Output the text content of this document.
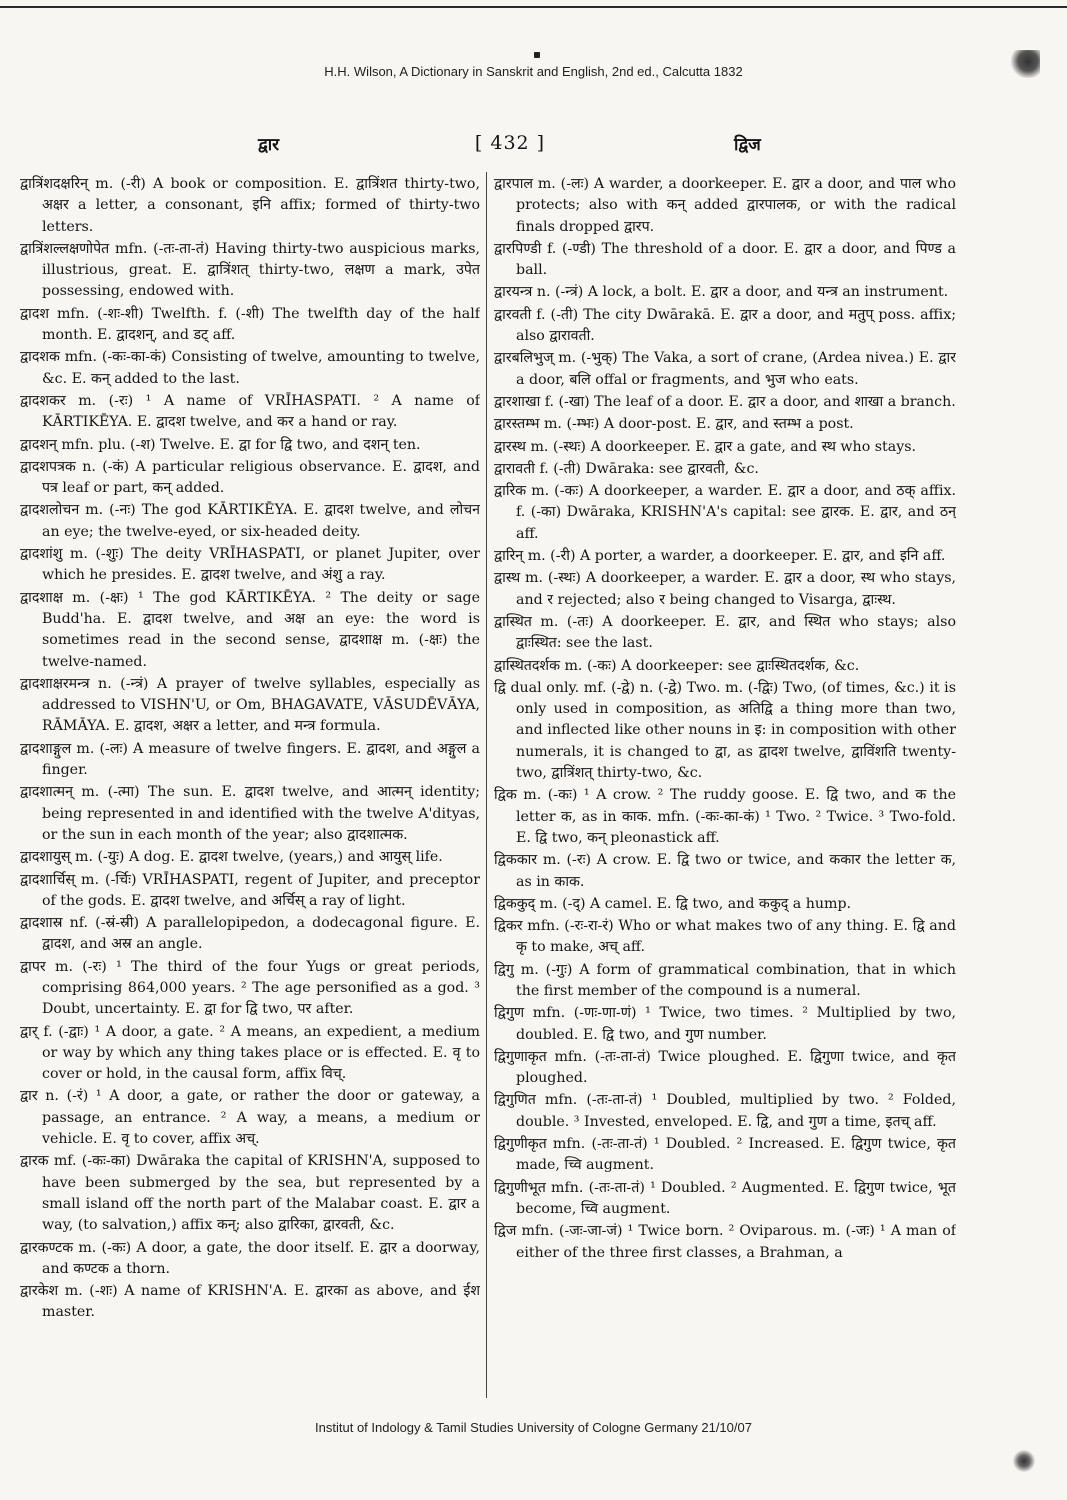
H.H. Wilson, A Dictionary in Sanskrit and English, 2nd ed., Calcutta 1832
द्वार	[ 432 ]	द्विज

द्वात्रिंशदक्षरिन् m. (-री) A book or composition. E. द्वात्रिंशत thirty-two, अक्षर a letter, a consonant, इनि affix; formed of thirty-two letters.

द्वात्रिंशल्लक्षणोपेत mfn. (-तः-ता-तं) Having thirty-two auspicious marks, illustrious, great. E. द्वात्रिंशत् thirty-two, लक्षण a mark, उपेत possessing, endowed with.

द्वादश mfn. (-शः-शी) Twelfth. f. (-शी) The twelfth day of the half month. E. द्वादशन्, and डट् aff.

द्वादशक mfn. (-कः-का-कं) Consisting of twelve, amounting to twelve, &c. E. कन् added to the last.

द्वादशकर m. (-रः) ¹ A name of VRĪHASPATI. ² A name of KĀRTIKĒYA. E. द्वादश twelve, and कर a hand or ray.

द्वादशन् mfn. plu. (-श) Twelve. E. द्वा for द्वि two, and दशन् ten.

द्वादशपत्रक n. (-कं) A particular religious observance. E. द्वादश, and पत्र leaf or part, कन् added.

द्वादशलोचन m. (-नः) The god KĀRTIKĒYA. E. द्वादश twelve, and लोचन an eye; the twelve-eyed, or six-headed deity.

द्वादशांशु m. (-शुः) The deity VRĪHASPATI, or planet Jupiter, over which he presides. E. द्वादश twelve, and अंशु a ray.

द्वादशाक्ष m. (-क्षः) ¹ The god KĀRTIKĒYA. ² The deity or sage Budd'ha. E. द्वादश twelve, and अक्ष an eye: the word is sometimes read in the second sense, द्वादशाक्ष m. (-क्षः) the twelve-named.

द्वादशाक्षरमन्त्र n. (-न्त्रं) A prayer of twelve syllables, especially as addressed to VISHN'U, or Om, BHAGAVATE, VĀSUDĒVĀYA, RĀMĀYA. E. द्वादश, अक्षर a letter, and मन्त्र formula.

द्वादशाङ्गुल m. (-लः) A measure of twelve fingers. E. द्वादश, and अङ्गुल a finger.

द्वादशात्मन् m. (-त्मा) The sun. E. द्वादश twelve, and आत्मन् identity; being represented in and identified with the twelve A'dityas, or the sun in each month of the year; also द्वादशात्मक.

द्वादशायुस् m. (-युः) A dog. E. द्वादश twelve, (years,) and आयुस् life.

द्वादशार्चिस् m. (-र्चिः) VRĪHASPATI, regent of Jupiter, and preceptor of the gods. E. द्वादश twelve, and अर्चिस् a ray of light.

द्वादशास्र nf. (-स्रं-स्री) A parallelopipedon, a dodecagonal figure. E. द्वादश, and अस्र an angle.

द्वापर m. (-रः) ¹ The third of the four Yugs or great periods, comprising 864,000 years. ² The age personified as a god. ³ Doubt, uncertainty. E. द्वा for द्वि two, पर after.

द्वार् f. (-द्वाः) ¹ A door, a gate. ² A means, an expedient, a medium or way by which any thing takes place or is effected. E. वृ to cover or hold, in the causal form, affix विच्.

द्वार n. (-रं) ¹ A door, a gate, or rather the door or gateway, a passage, an entrance. ² A way, a means, a medium or vehicle. E. वृ to cover, affix अच्.

द्वारक mf. (-कः-का) Dwāraka the capital of KRISHN'A, supposed to have been submerged by the sea, but represented by a small island off the north part of the Malabar coast. E. द्वार a way, (to salvation,) affix कन्; also द्वारिका, द्वारवती, &c.

द्वारकण्टक m. (-कः) A door, a gate, the door itself. E. द्वार a doorway, and कण्टक a thorn.

द्वारकेश m. (-शः) A name of KRISHN'A. E. द्वारका as above, and ईश master.

द्वारपाल m. (-लः) A warder, a doorkeeper. E. द्वार a door, and पाल who protects; also with कन् added द्वारपालक, or with the radical finals dropped द्वारप.

द्वारपिण्डी f. (-ण्डी) The threshold of a door. E. द्वार a door, and पिण्ड a ball.

द्वारयन्त्र n. (-न्त्रं) A lock, a bolt. E. द्वार a door, and यन्त्र an instrument.

द्वारवती f. (-ती) The city Dwārakā. E. द्वार a door, and मतुप् poss. affix; also द्वारावती.

द्वारबलिभुज् m. (-भुक्) The Vaka, a sort of crane, (Ardea nivea.) E. द्वार a door, बलि offal or fragments, and भुज who eats.

द्वारशाखा f. (-खा) The leaf of a door. E. द्वार a door, and शाखा a branch.

द्वारस्तम्भ m. (-म्भः) A door-post. E. द्वार, and स्तम्भ a post.

द्वारस्थ m. (-स्थः) A doorkeeper. E. द्वार a gate, and स्थ who stays.

द्वारावती f. (-ती) Dwāraka: see द्वारवती, &c.

द्वारिक m. (-कः) A doorkeeper, a warder. E. द्वार a door, and ठक् affix. f. (-का) Dwāraka, KRISHN'A's capital: see द्वारक. E. द्वार, and ठन् aff.

द्वारिन् m. (-री) A porter, a warder, a doorkeeper. E. द्वार, and इनि aff.

द्वास्थ m. (-स्थः) A doorkeeper, a warder. E. द्वार a door, स्थ who stays, and र rejected; also र being changed to Visarga, द्वाःस्थ.

द्वास्थित m. (-तः) A doorkeeper. E. द्वार, and स्थित who stays; also द्वाःस्थित: see the last.

द्वास्थितदर्शक m. (-कः) A doorkeeper: see द्वाःस्थितदर्शक, &c.

द्वि dual only. mf. (-द्वे) n. (-द्वे) Two. m. (-द्विः) Two, (of times, &c.) it is only used in composition, as अतिद्वि a thing more than two, and inflected like other nouns in इ: in composition with other numerals, it is changed to द्वा, as द्वादश twelve, द्वाविंशति twenty-two, द्वात्रिंशत् thirty-two, &c.

द्विक m. (-कः) ¹ A crow. ² The ruddy goose. E. द्वि two, and क the letter क, as in काक. mfn. (-कः-का-कं) ¹ Two. ² Twice. ³ Two-fold. E. द्वि two, कन् pleonastick aff.

द्विककार m. (-रः) A crow. E. द्वि two or twice, and ककार the letter क, as in काक.

द्विककुद् m. (-द्) A camel. E. द्वि two, and ककुद् a hump.

द्विकर mfn. (-रः-रा-रं) Who or what makes two of any thing. E. द्वि and कृ to make, अच् aff.

द्विगु m. (-गुः) A form of grammatical combination, that in which the first member of the compound is a numeral.

द्विगुण mfn. (-णः-णा-णं) ¹ Twice, two times. ² Multiplied by two, doubled. E. द्वि two, and गुण number.

द्विगुणाकृत mfn. (-तः-ता-तं) Twice ploughed. E. द्विगुणा twice, and कृत ploughed.

द्विगुणित mfn. (-तः-ता-तं) ¹ Doubled, multiplied by two. ² Folded, double. ³ Invested, enveloped. E. द्वि, and गुण a time, इतच् aff.

द्विगुणीकृत mfn. (-तः-ता-तं) ¹ Doubled. ² Increased. E. द्विगुण twice, कृत made, च्वि augment.

द्विगुणीभूत mfn. (-तः-ता-तं) ¹ Doubled. ² Augmented. E. द्विगुण twice, भूत become, च्वि augment.

द्विज mfn. (-जः-जा-जं) ¹ Twice born. ² Oviparous. m. (-जः) ¹ A man of either of the three first classes, a Brahman, a

Institut of Indology & Tamil Studies University of Cologne Germany 21/10/07
